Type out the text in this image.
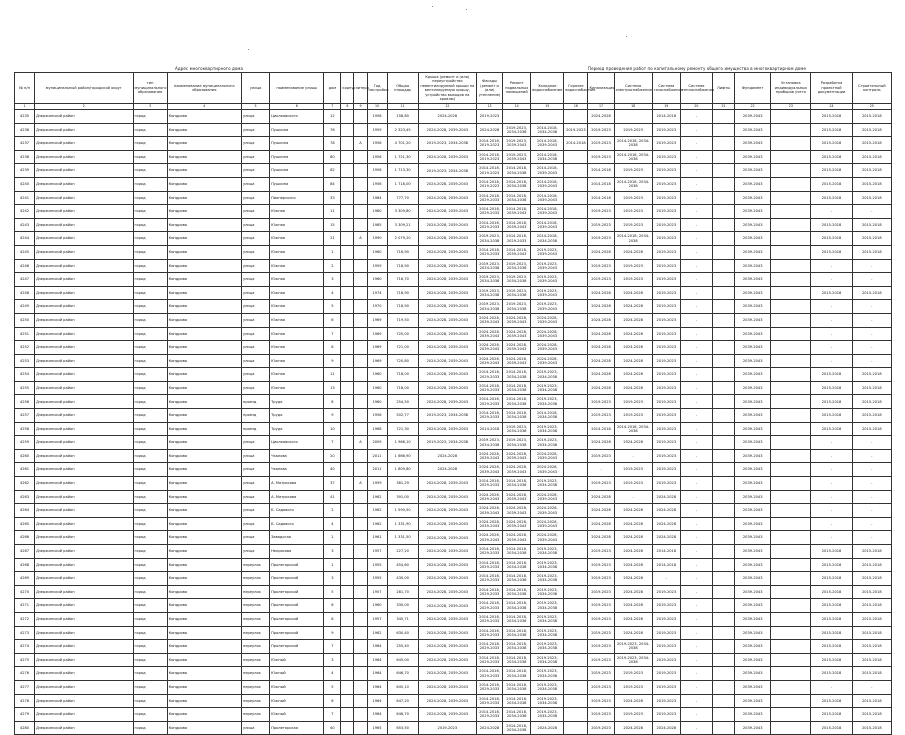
Адрес многоквартирного дома	Период проведения работ по капитальному ремонту общего имущества в многоквартирном доме
№ п/п	муниципальный район/городской округ	тип муниципального образования	наименование муниципального образования	улица	наименование улицы	дом	корпус	литера	Год постройки	Общая площадь	Крыша (ремонт и (или) переустройство невентилируемой крыши на вентилируемую крышу, устройство выходов на кровлю)	Фасады (ремонт и (или) утепление)	Ремонт подвальных помещений	Холодное водоснабжение	Горячее водоснабжение	Канализация	Система электроснабжения	Система газоснабжения	Система теплоснабжения	Лифты	Фундамент	Установка индивидуальных приборов учета	Разработка проектной документации	Строительный контроль
1	2	3	4	5	6	7	8	9	10	11	12	13	14	15	16	17	18	19	20	21	22	23	24	25
4235	Дзержинский район	город	Кондрово	улица	Циолковского	12			1958	158,80	2024-2028	2019-2023				2024-2028		2014-2018	-		2039-2043		2015-2018	2015-2018
4236	Дзержинский район	город	Кондрово	улица	Пушкина	76			1959	2 323,45	2024-2028, 2039-2043	2024-2028	2019-2023, 2034-2038	2014-2018, 2034-2038	2019-2023	2019-2023	2019-2023	2019-2023	-		2039-2043		2015-2018	2015-2018
4237	Дзержинский район	город	Кондрово	улица	Пушкина	78		А	1956	4 701,20	2019-2023, 2034-2038	2014-2018, 2019-2023	2019-2023, 2039-2043	2014-2018, 2039-2043	2014-2018	2019-2023	2014-2018, 2034-2038	2019-2023	-		2039-2043		2015-2018	2015-2018
4238	Дзержинский район	город	Кондрово	улица	Пушкина	80			1956	1 721,30	2024-2028, 2039-2043	2014-2018, 2019-2023	2019-2023, 2039-2043	2014-2018, 2034-2038		2019-2023	2014-2018, 2034-2038	2019-2023	-		2039-2043		2015-2018	2015-2018
4239	Дзержинский район	город	Кондрово	улица	Пушкина	82			1956	1 713,30	2019-2023, 2034-2038	2014-2018, 2019-2023	2014-2018, 2034-2038	2014-2018, 2039-2043		2014-2018	2019-2023	2019-2023	-		2039-2043		2015-2018	2015-2018
4240	Дзержинский район	город	Кондрово	улица	Пушкина	84			1956	1 718,00	2024-2028, 2039-2043	2014-2018, 2019-2023	2014-2018, 2034-2038	2014-2018, 2039-2043		2014-2018	2014-2018, 2034-2038	2019-2023	-		2039-2043		2015-2018	2015-2018
4241	Дзержинский район	город	Кондрово	улица	Пионерского	33			1984	777,70	2024-2028, 2039-2043	2014-2018, 2029-2033	2014-2018, 2034-2038	2014-2018, 2039-2043		2014-2018	2019-2023	2019-2023	-		2039-2043		2015-2018	2015-2018
4242	Дзержинский район	город	Кондрово	улица	Южная	11			1980	3 309,80	2024-2028, 2039-2043	2014-2018, 2029-2033	2014-2018, 2039-2043	2014-2018, 2039-2043		2019-2023	2019-2023	2019-2023	-		2039-2043		-	-
4243	Дзержинский район	город	Кондрово	улица	Южная	15			1985	3 309,21	2024-2028, 2039-2043	2014-2018, 2029-2033	2014-2018, 2039-2043	2014-2018, 2039-2043		2019-2023	2019-2023	2019-2023	-		2039-2043		2015-2018	2015-2018
4244	Дзержинский район	город	Кондрово	улица	Южная	21		А	1990	2 079,20	2024-2028, 2039-2043	2019-2023, 2034-2038	2014-2018, 2029-2033	2014-2018, 2034-2038		2019-2023	2014-2018, 2034-2038	2019-2023	-		2039-2043		2015-2018	2015-2018
4245	Дзержинский район	город	Кондрово	улица	Южная	1			1960	716,90	2024-2028, 2039-2043	2014-2018, 2029-2033	2014-2018, 2039-2043	2019-2023, 2039-2043		2024-2028	2024-2028	2019-2023	-		2039-2043		2015-2018	2015-2018
4246	Дзержинский район	город	Кондрово	улица	Южная	2			1959	718,90	2024-2028, 2039-2043	2019-2023, 2034-2038	2019-2023, 2034-2038	2019-2023, 2039-2043		2019-2023	2019-2023	2019-2023	-		2039-2043		-	-
4247	Дзержинский район	город	Кондрово	улица	Южная	3			1960	716,70	2024-2028, 2039-2043	2019-2023, 2034-2038	2019-2023, 2034-2038	2019-2023, 2039-2043		2019-2023	2019-2023	2019-2023	-		2039-2043		-	-
4248	Дзержинский район	город	Кондрово	улица	Южная	4			1974	718,90	2024-2028, 2039-2043	2019-2023, 2034-2038	2019-2023, 2034-2038	2019-2023, 2039-2043		2024-2028	2024-2028	2019-2023	-		2039-2043		2015-2018	2015-2018
4249	Дзержинский район	город	Кондрово	улица	Южная	5			1970	718,90	2024-2028, 2039-2043	2019-2023, 2034-2038	2019-2023, 2034-2038	2019-2023, 2039-2043		2024-2028	2024-2028	2019-2023	-		2039-2043		-	-
4250	Дзержинский район	город	Кондрово	улица	Южная	6			1969	719,50	2024-2028, 2039-2043	2024-2028, 2039-2043	2024-2028, 2039-2043	2024-2028, 2039-2043		2024-2028	2024-2028	2019-2023	-		2039-2043		-	-
4251	Дзержинский район	город	Кондрово	улица	Южная	7			1969	720,00	2024-2028, 2039-2043	2024-2028, 2039-2043	2024-2028, 2039-2043	2024-2028, 2039-2043		2024-2028	2024-2028	2019-2023	-		2039-2043		-	-
4252	Дзержинский район	город	Кондрово	улица	Южная	8			1969	721,00	2024-2028, 2039-2043	2024-2028, 2039-2043	2024-2028, 2039-2043	2024-2028, 2039-2043		2024-2028	2024-2028	2019-2023	-		2039-2043		-	-
4253	Дзержинский район	город	Кондрово	улица	Южная	9			1969	720,80	2024-2028, 2039-2043	2024-2028, 2039-2043	2024-2028, 2039-2043	2024-2028, 2039-2043		2024-2028	2024-2028	2019-2023	-		2039-2043		-	-
4254	Дзержинский район	город	Кондрово	улица	Южная	11			1960	718,00	2024-2028, 2039-2043	2014-2018, 2029-2033	2014-2018, 2034-2038	2019-2023, 2034-2038		2024-2028	2024-2028	2019-2023	-		2039-2043		2015-2018	2015-2018
4255	Дзержинский район	город	Кондрово	улица	Южная	13			1960	718,00	2024-2028, 2039-2043	2014-2018, 2029-2033	2014-2018, 2034-2038	2019-2023, 2034-2038		2024-2028	2024-2028	2019-2023	-		2039-2043		2015-2018	2015-2018
4256	Дзержинский район	город	Кондрово	проезд	Труда	8			1960	254,50	2024-2028, 2039-2043	2014-2018, 2029-2033	2014-2018, 2034-2038	2019-2023, 2034-2038		2019-2023	2019-2023	2019-2023	-		2039-2043		2015-2018	2015-2018
4257	Дзержинский район	город	Кондрово	проезд	Труда	9			1956	502,77	2019-2023, 2034-2038	2014-2018, 2029-2033	2014-2018, 2034-2038	2014-2018, 2034-2038		2019-2023	2019-2023	2019-2023	-		2039-2043		2015-2018	2015-2018
4258	Дзержинский район	город	Кондрово	проезд	Труда	10			1968	721,30	2024-2028, 2039-2043	2014-2018	2019-2023, 2034-2038	2019-2023, 2034-2038		2014-2018	2014-2018, 2034-2038	2019-2023	-		2039-2043		2015-2018	2015-2018
4259	Дзержинский район	город	Кондрово	улица	Циолковского	7		А	2009	1 966,10	2019-2023, 2034-2038	2019-2023, 2034-2038	2019-2023, 2034-2038	2019-2023, 2034-2038		2024-2028	2024-2028	2019-2023	-		2039-2043		-	-
4260	Дзержинский район	город	Кондрово	улица	Чкалова	20			2011	1 666,90	2024-2028	2024-2028, 2039-2043	2024-2028, 2039-2043	2024-2028, 2039-2043		2019-2023	-	2019-2023	-		2039-2043		-	-
4261	Дзержинский район	город	Кондрово	улица	Чкалова	40			2011	1 809,80	2024-2028	2024-2028, 2039-2043	2024-2028, 2039-2043	2024-2028, 2039-2043		-	2019-2023	2019-2023	-		2039-2043		-	-
4262	Дзержинский район	город	Кондрово	улица	А. Матросова	37		А	1959	381,29	2024-2028, 2039-2043	2014-2018, 2029-2033	2014-2018, 2034-2038	2019-2023, 2034-2038		2019-2023	2019-2023	2019-2023	-		2039-2043		-	-
4263	Дзержинский район	город	Кондрово	улица	А. Матросова	41			1962	391,00	2024-2028, 2039-2043	2024-2028, 2039-2043	2024-2028, 2039-2043	2024-2028, 2039-2043		2024-2028	-	2024-2028	-		2039-2043		-	-
4264	Дзержинский район	город	Кондрово	улица	Б. Садового	2			1962	1 590,50	2024-2028, 2039-2043	2024-2028, 2039-2043	2024-2028, 2039-2043	2024-2028, 2039-2043		2024-2028	2024-2028	2024-2028	-		2039-2043		-	-
4265	Дзержинский район	город	Кондрово	улица	Б. Садового	4			1962	1 331,90	2024-2028, 2039-2043	2024-2028, 2039-2043	2024-2028, 2039-2043	2024-2028, 2039-2043		2024-2028	2024-2028	2024-2028	-		2039-2043		-	-
4266	Дзержинский район	город	Кондрово	улица	Заводская	1			1961	1 331,50	2024-2028, 2039-2043	2024-2028, 2039-2043	2024-2028, 2039-2043	2024-2028, 2039-2043		2024-2028	2024-2028	2024-2028	-		2039-2043		-	-
4267	Дзержинский район	город	Кондрово	улица	Некрасова	3			1957	227,20	2024-2028, 2039-2043	2014-2018, 2029-2033	2014-2018, 2034-2038	2019-2023, 2034-2038		2019-2023	2024-2028	2014-2018	-		2039-2043		2015-2018	2015-2018
4268	Дзержинский район	город	Кондрово	переулок	Пролетарский	1			1955	454,60	2024-2028, 2039-2043	2014-2018, 2029-2033	2014-2018, 2034-2038	2019-2023, 2034-2038		2019-2023	2024-2028	2014-2018	-		2039-2043		2015-2018	2015-2018
4269	Дзержинский район	город	Кондрово	переулок	Пролетарский	3			1955	430,00	2024-2028, 2039-2043	2014-2018, 2029-2033	2014-2018, 2034-2038	2019-2023, 2034-2038		2019-2023	2024-2028	-	-		2039-2043		2015-2018	2015-2018
4270	Дзержинский район	город	Кондрово	переулок	Пролетарский	5			1957	281,70	2024-2028, 2039-2043	2014-2018, 2029-2033	2014-2018, 2034-2038	2019-2023, 2034-2038		2019-2023	2024-2028	2019-2023	-		2039-2043		2015-2018	2015-2018
4271	Дзержинский район	город	Кондрово	переулок	Пролетарский	6			1960	330,00	2024-2028, 2039-2043	2014-2018, 2029-2033	2014-2018, 2034-2038	2019-2023, 2034-2038		2019-2023	2024-2028	2019-2023	-		2039-2043		2015-2018	2015-2018
4272	Дзержинский район	город	Кондрово	переулок	Пролетарский	8			1957	345,71	2024-2028, 2039-2043	2014-2018, 2029-2033	2014-2018, 2034-2038	2019-2023, 2034-2038		2019-2023	2024-2028	2019-2023	-		2039-2043		2015-2018	2015-2018
4273	Дзержинский район	город	Кондрово	переулок	Пролетарский	9			1962	630,40	2024-2028, 2039-2043	2014-2018, 2029-2033	2014-2018, 2034-2038	2019-2023, 2034-2038		2019-2023	2024-2028	2019-2023	-		2039-2043		2015-2018	2015-2018
4274	Дзержинский район	город	Кондрово	переулок	Пролетарский	7			1964	255,40	2024-2028, 2039-2043	2014-2018, 2029-2033	2014-2018, 2034-2038	2019-2023, 2034-2038		2019-2023	2019-2023, 2034-2038	2019-2023	-		2039-2043		2015-2018	2015-2018
4275	Дзержинский район	город	Кондрово	переулок	Южный	3			1964	645,00	2024-2028, 2039-2043	2014-2018, 2029-2033	2014-2018, 2034-2038	2019-2023, 2034-2038		2019-2023	2019-2023, 2034-2038	2019-2023	-		2039-2043		2015-2018	2015-2018
4276	Дзержинский район	город	Кондрово	переулок	Южный	4			1964	646,70	2024-2028, 2039-2043	2014-2018, 2029-2033	2014-2018, 2034-2038	2019-2023, 2034-2038		2019-2023	2019-2023	2019-2023	-		2039-2043		2015-2018	2015-2018
4277	Дзержинский район	город	Кондрово	переулок	Южный	5			1964	645,10	2024-2028, 2039-2043	2014-2018, 2029-2033	2014-2018, 2034-2038	2019-2023, 2034-2038		2019-2023	2019-2023	2019-2023	-		2039-2043		-	-
4278	Дзержинский район	город	Кондрово	переулок	Южный	6			1964	647,20	2024-2028, 2039-2043	2014-2018, 2029-2033	2014-2018, 2034-2038	2019-2023, 2034-2038		2019-2023	2024-2028	2019-2023	-		2039-2043		2015-2018	2015-2018
4279	Дзержинский район	город	Кондрово	переулок	Южный	7			1964	646,70	2024-2028, 2039-2043	2014-2018, 2029-2033	2014-2018, 2034-2038	2019-2023, 2034-2038		2019-2023	2019-2023	2019-2023	-		2039-2043		2015-2018	2015-2018
4280	Дзержинский район	город	Кондрово	улица	Пролетарская	40			1965	653,50	2019-2023	2024-2028	2014-2018, 2034-2038	2024-2028		2019-2023	2024-2028	2024-2028	-		2039-2043		2015-2018	2015-2018
